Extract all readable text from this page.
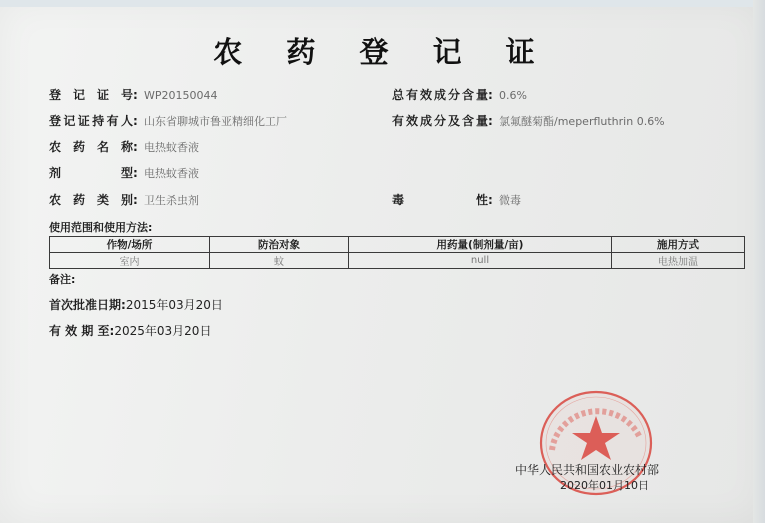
农 药 登 记 证
登 记 证 号: WP20150044
登记证持有人: 山东省聊城市鲁亚精细化工厂
农 药 名 称: 电热蚊香液
剂 型: 电热蚊香液
农 药 类 别: 卫生杀虫剂
总有效成分含量: 0.6%
有效成分及含量: 氯氟醚菊酯/meperfluthrin 0.6%
毒 性: 微毒
使用范围和使用方法:
作物/场所	防治对象	用药量(制剂量/亩)	施用方式
室内	蚊	null	电热加温
备注:
首次批准日期:2015年03月20日
有 效 期 至:2025年03月20日
中华人民共和国农业农村部
2020年01月10日
